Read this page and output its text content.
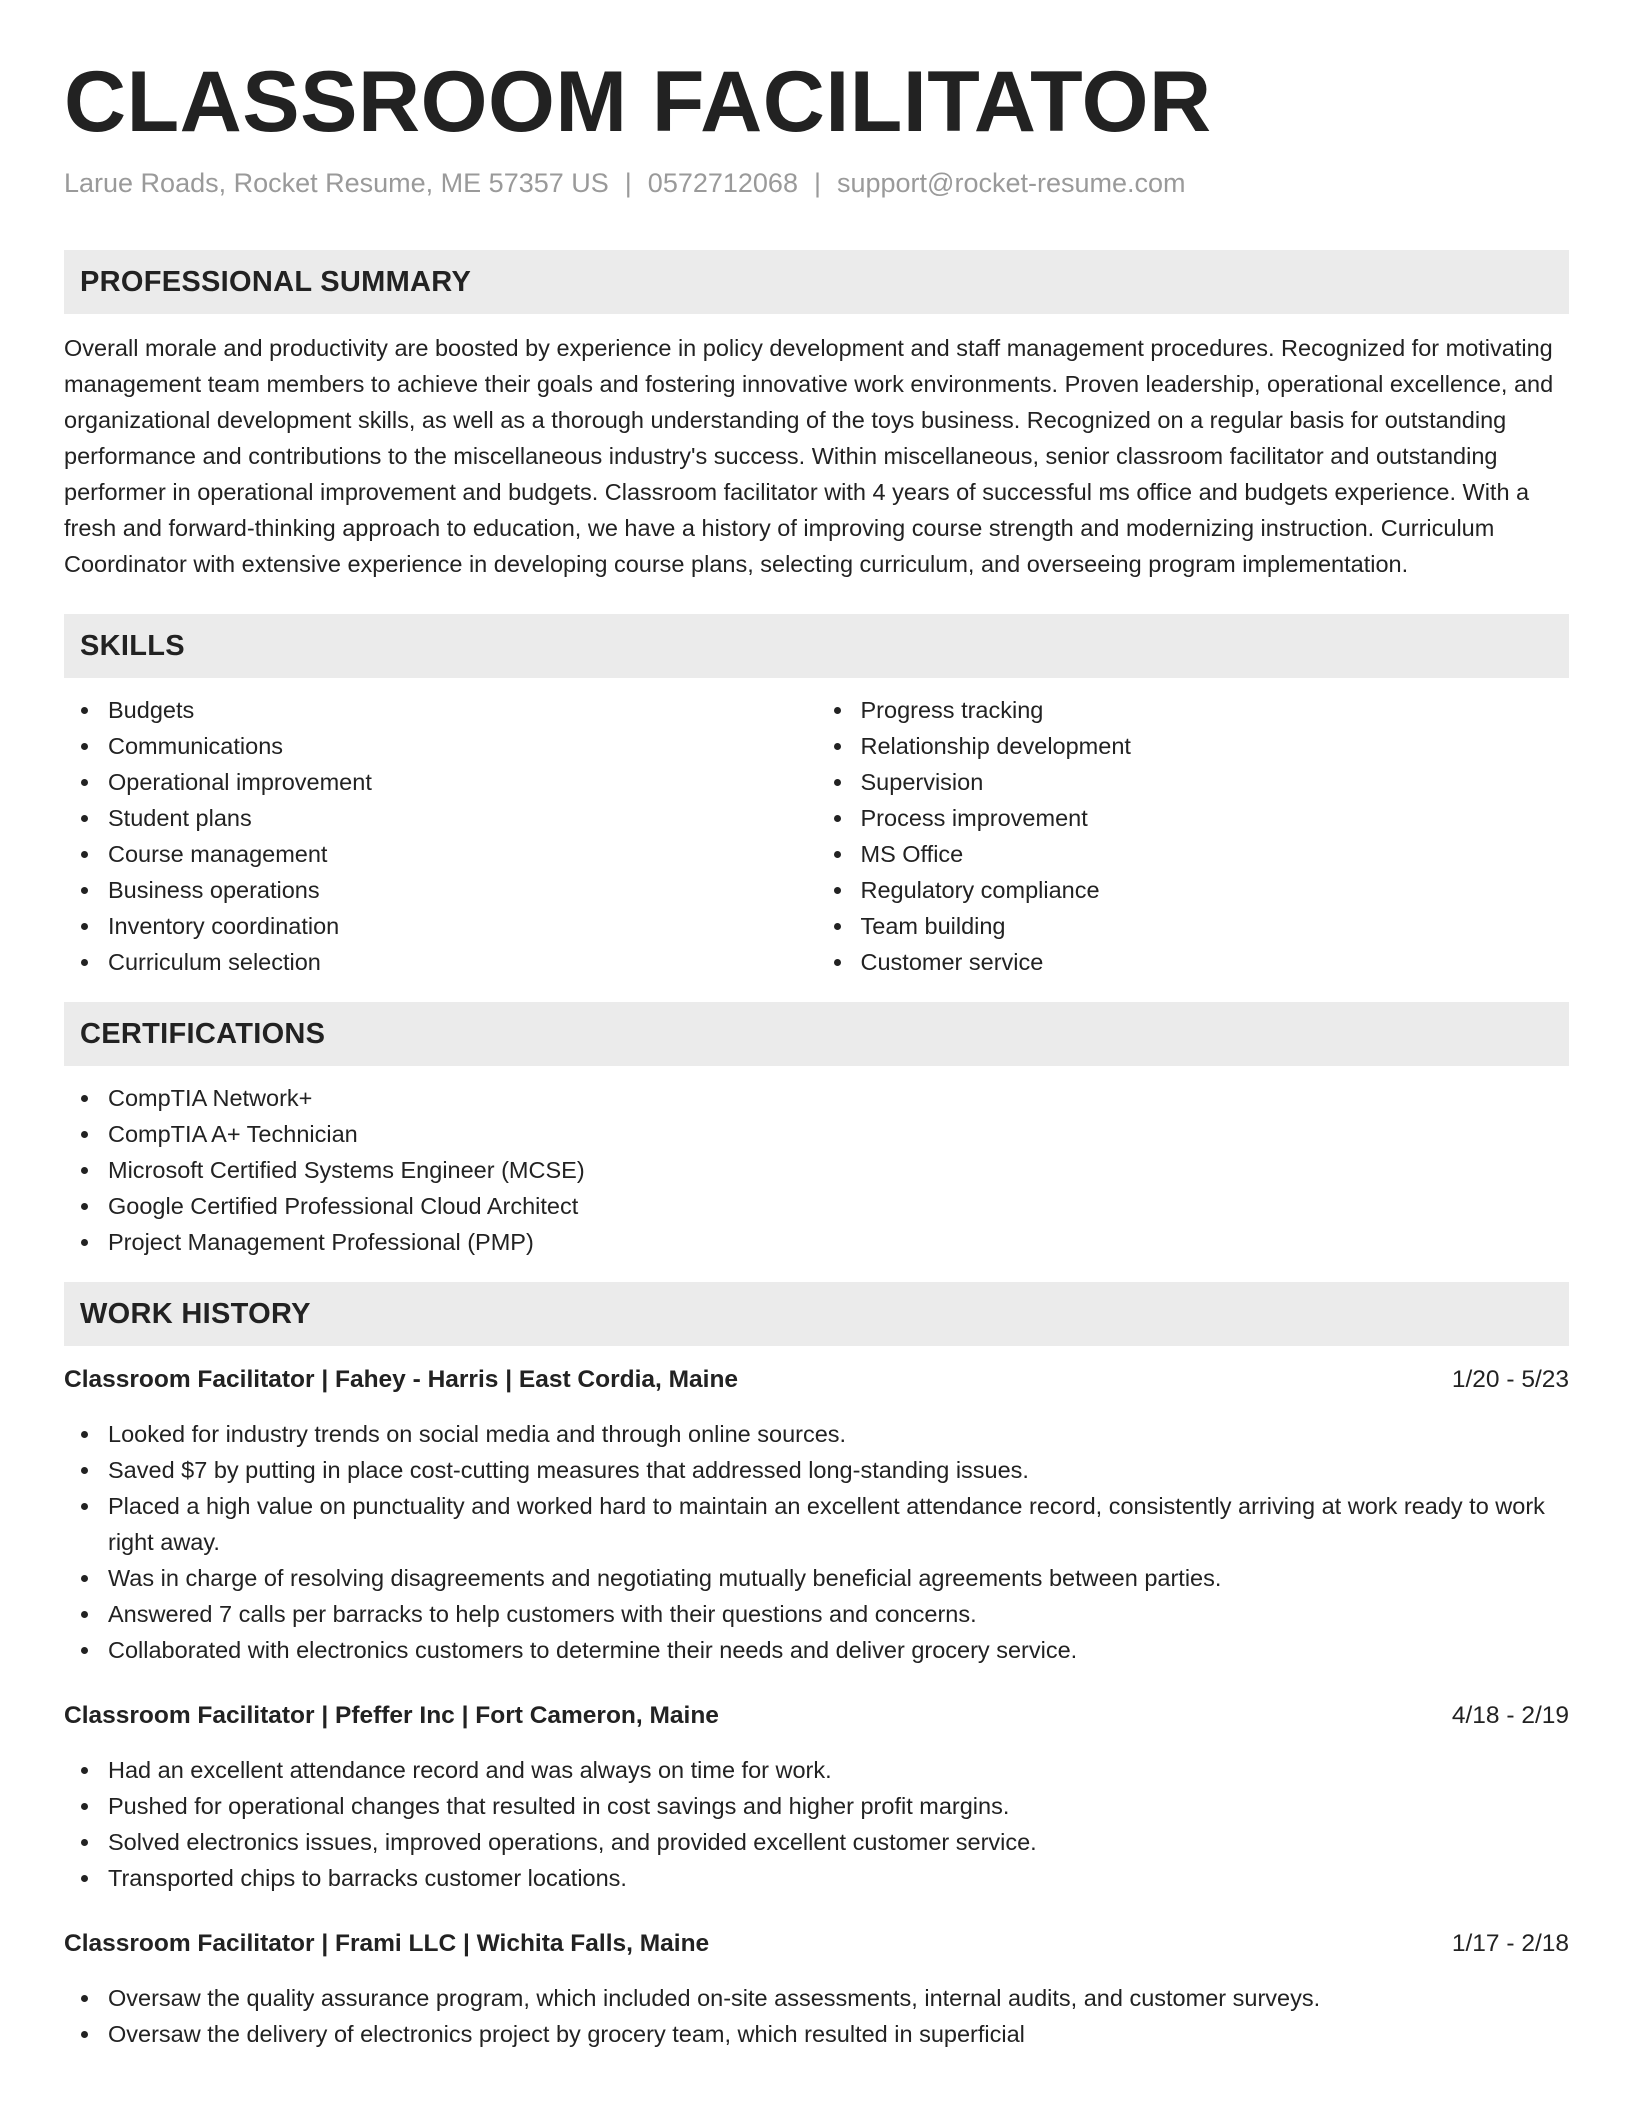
CLASSROOM FACILITATOR
Larue Roads, Rocket Resume, ME 57357 US | 0572712068 | support@rocket-resume.com
PROFESSIONAL SUMMARY
Overall morale and productivity are boosted by experience in policy development and staff management procedures. Recognized for motivating management team members to achieve their goals and fostering innovative work environments. Proven leadership, operational excellence, and organizational development skills, as well as a thorough understanding of the toys business. Recognized on a regular basis for outstanding performance and contributions to the miscellaneous industry's success. Within miscellaneous, senior classroom facilitator and outstanding performer in operational improvement and budgets. Classroom facilitator with 4 years of successful ms office and budgets experience. With a fresh and forward-thinking approach to education, we have a history of improving course strength and modernizing instruction. Curriculum Coordinator with extensive experience in developing course plans, selecting curriculum, and overseeing program implementation.
SKILLS
Budgets
Communications
Operational improvement
Student plans
Course management
Business operations
Inventory coordination
Curriculum selection
Progress tracking
Relationship development
Supervision
Process improvement
MS Office
Regulatory compliance
Team building
Customer service
CERTIFICATIONS
CompTIA Network+
CompTIA A+ Technician
Microsoft Certified Systems Engineer (MCSE)
Google Certified Professional Cloud Architect
Project Management Professional (PMP)
WORK HISTORY
Classroom Facilitator | Fahey - Harris | East Cordia, Maine	1/20 - 5/23
Looked for industry trends on social media and through online sources.
Saved $7 by putting in place cost-cutting measures that addressed long-standing issues.
Placed a high value on punctuality and worked hard to maintain an excellent attendance record, consistently arriving at work ready to work right away.
Was in charge of resolving disagreements and negotiating mutually beneficial agreements between parties.
Answered 7 calls per barracks to help customers with their questions and concerns.
Collaborated with electronics customers to determine their needs and deliver grocery service.
Classroom Facilitator | Pfeffer Inc | Fort Cameron, Maine	4/18 - 2/19
Had an excellent attendance record and was always on time for work.
Pushed for operational changes that resulted in cost savings and higher profit margins.
Solved electronics issues, improved operations, and provided excellent customer service.
Transported chips to barracks customer locations.
Classroom Facilitator | Frami LLC | Wichita Falls, Maine	1/17 - 2/18
Oversaw the quality assurance program, which included on-site assessments, internal audits, and customer surveys.
Oversaw the delivery of electronics project by grocery team, which resulted in superficial
